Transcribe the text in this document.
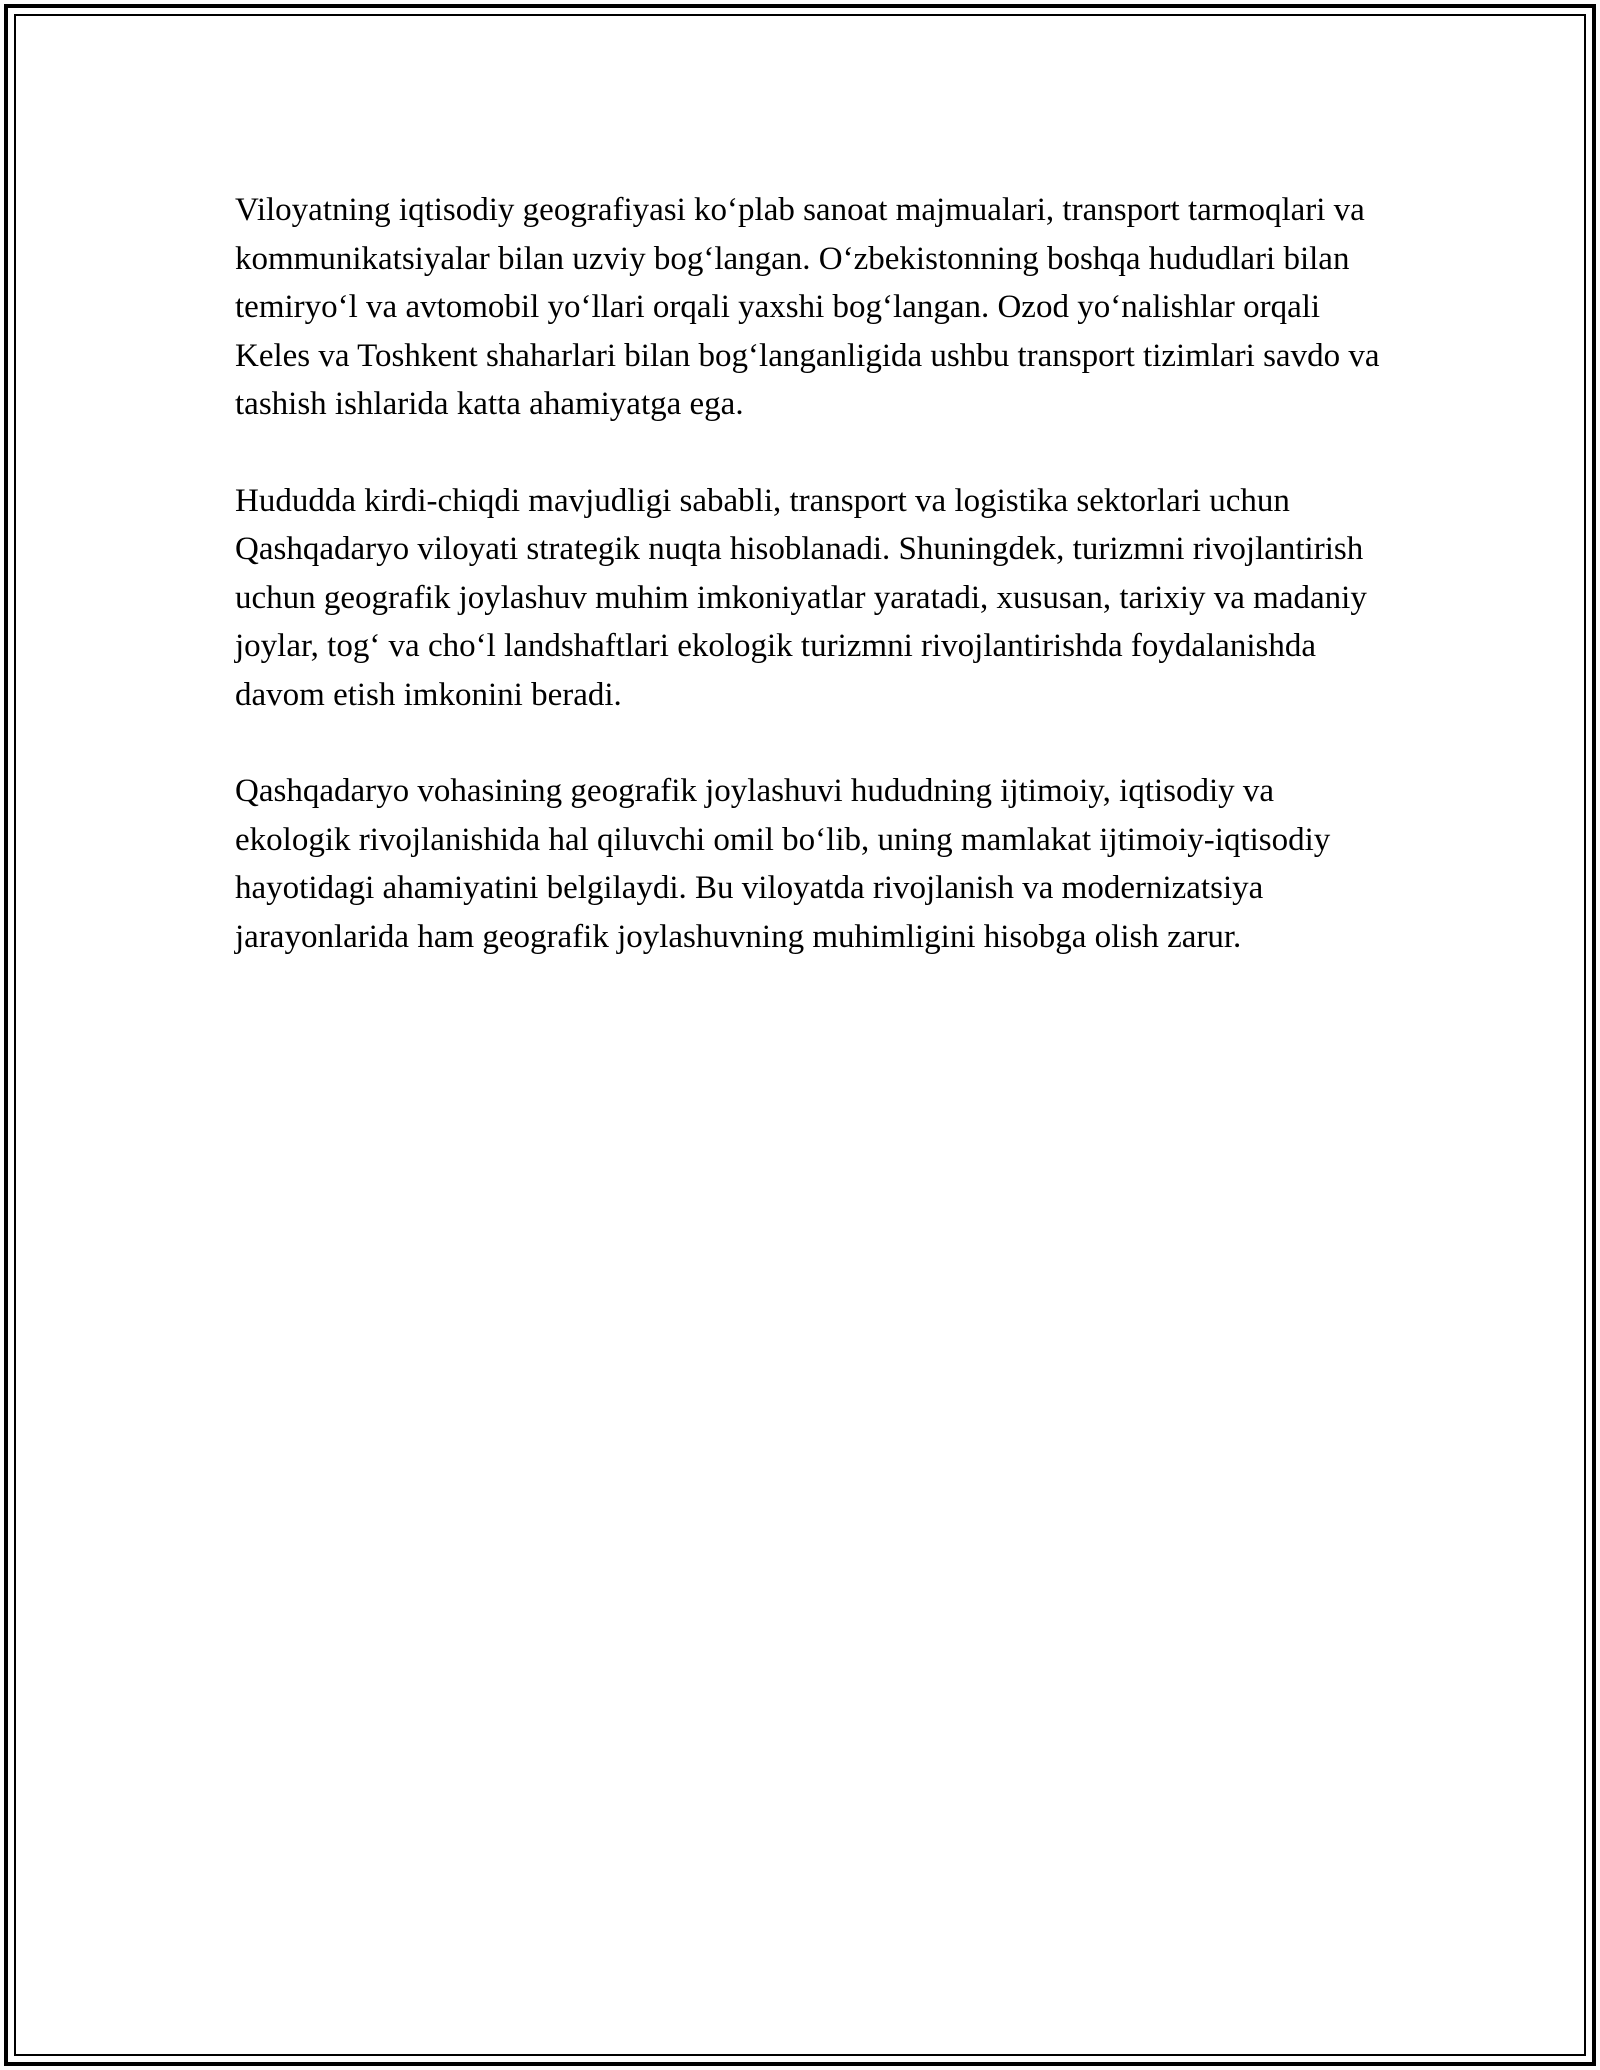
Viloyatning iqtisodiy geografiyasi ko‘plab sanoat majmualari, transport tarmoqlari va kommunikatsiyalar bilan uzviy bog‘langan. O‘zbekistonning boshqa hududlari bilan temiryo‘l va avtomobil yo‘llari orqali yaxshi bog‘langan. Ozod yo‘nalishlar orqali Keles va Toshkent shaharlari bilan bog‘langanligida ushbu transport tizimlari savdo va tashish ishlarida katta ahamiyatga ega.

Hududda kirdi-chiqdi mavjudligi sababli, transport va logistika sektorlari uchun Qashqadaryo viloyati strategik nuqta hisoblanadi. Shuningdek, turizmni rivojlantirish uchun geografik joylashuv muhim imkoniyatlar yaratadi, xususan, tarixiy va madaniy joylar, tog‘ va cho‘l landshaftlari ekologik turizmni rivojlantirishda foydalanishda davom etish imkonini beradi.

Qashqadaryo vohasining geografik joylashuvi hududning ijtimoiy, iqtisodiy va ekologik rivojlanishida hal qiluvchi omil bo‘lib, uning mamlakat ijtimoiy-iqtisodiy hayotidagi ahamiyatini belgilaydi. Bu viloyatda rivojlanish va modernizatsiya jarayonlarida ham geografik joylashuvning muhimligini hisobga olish zarur.
